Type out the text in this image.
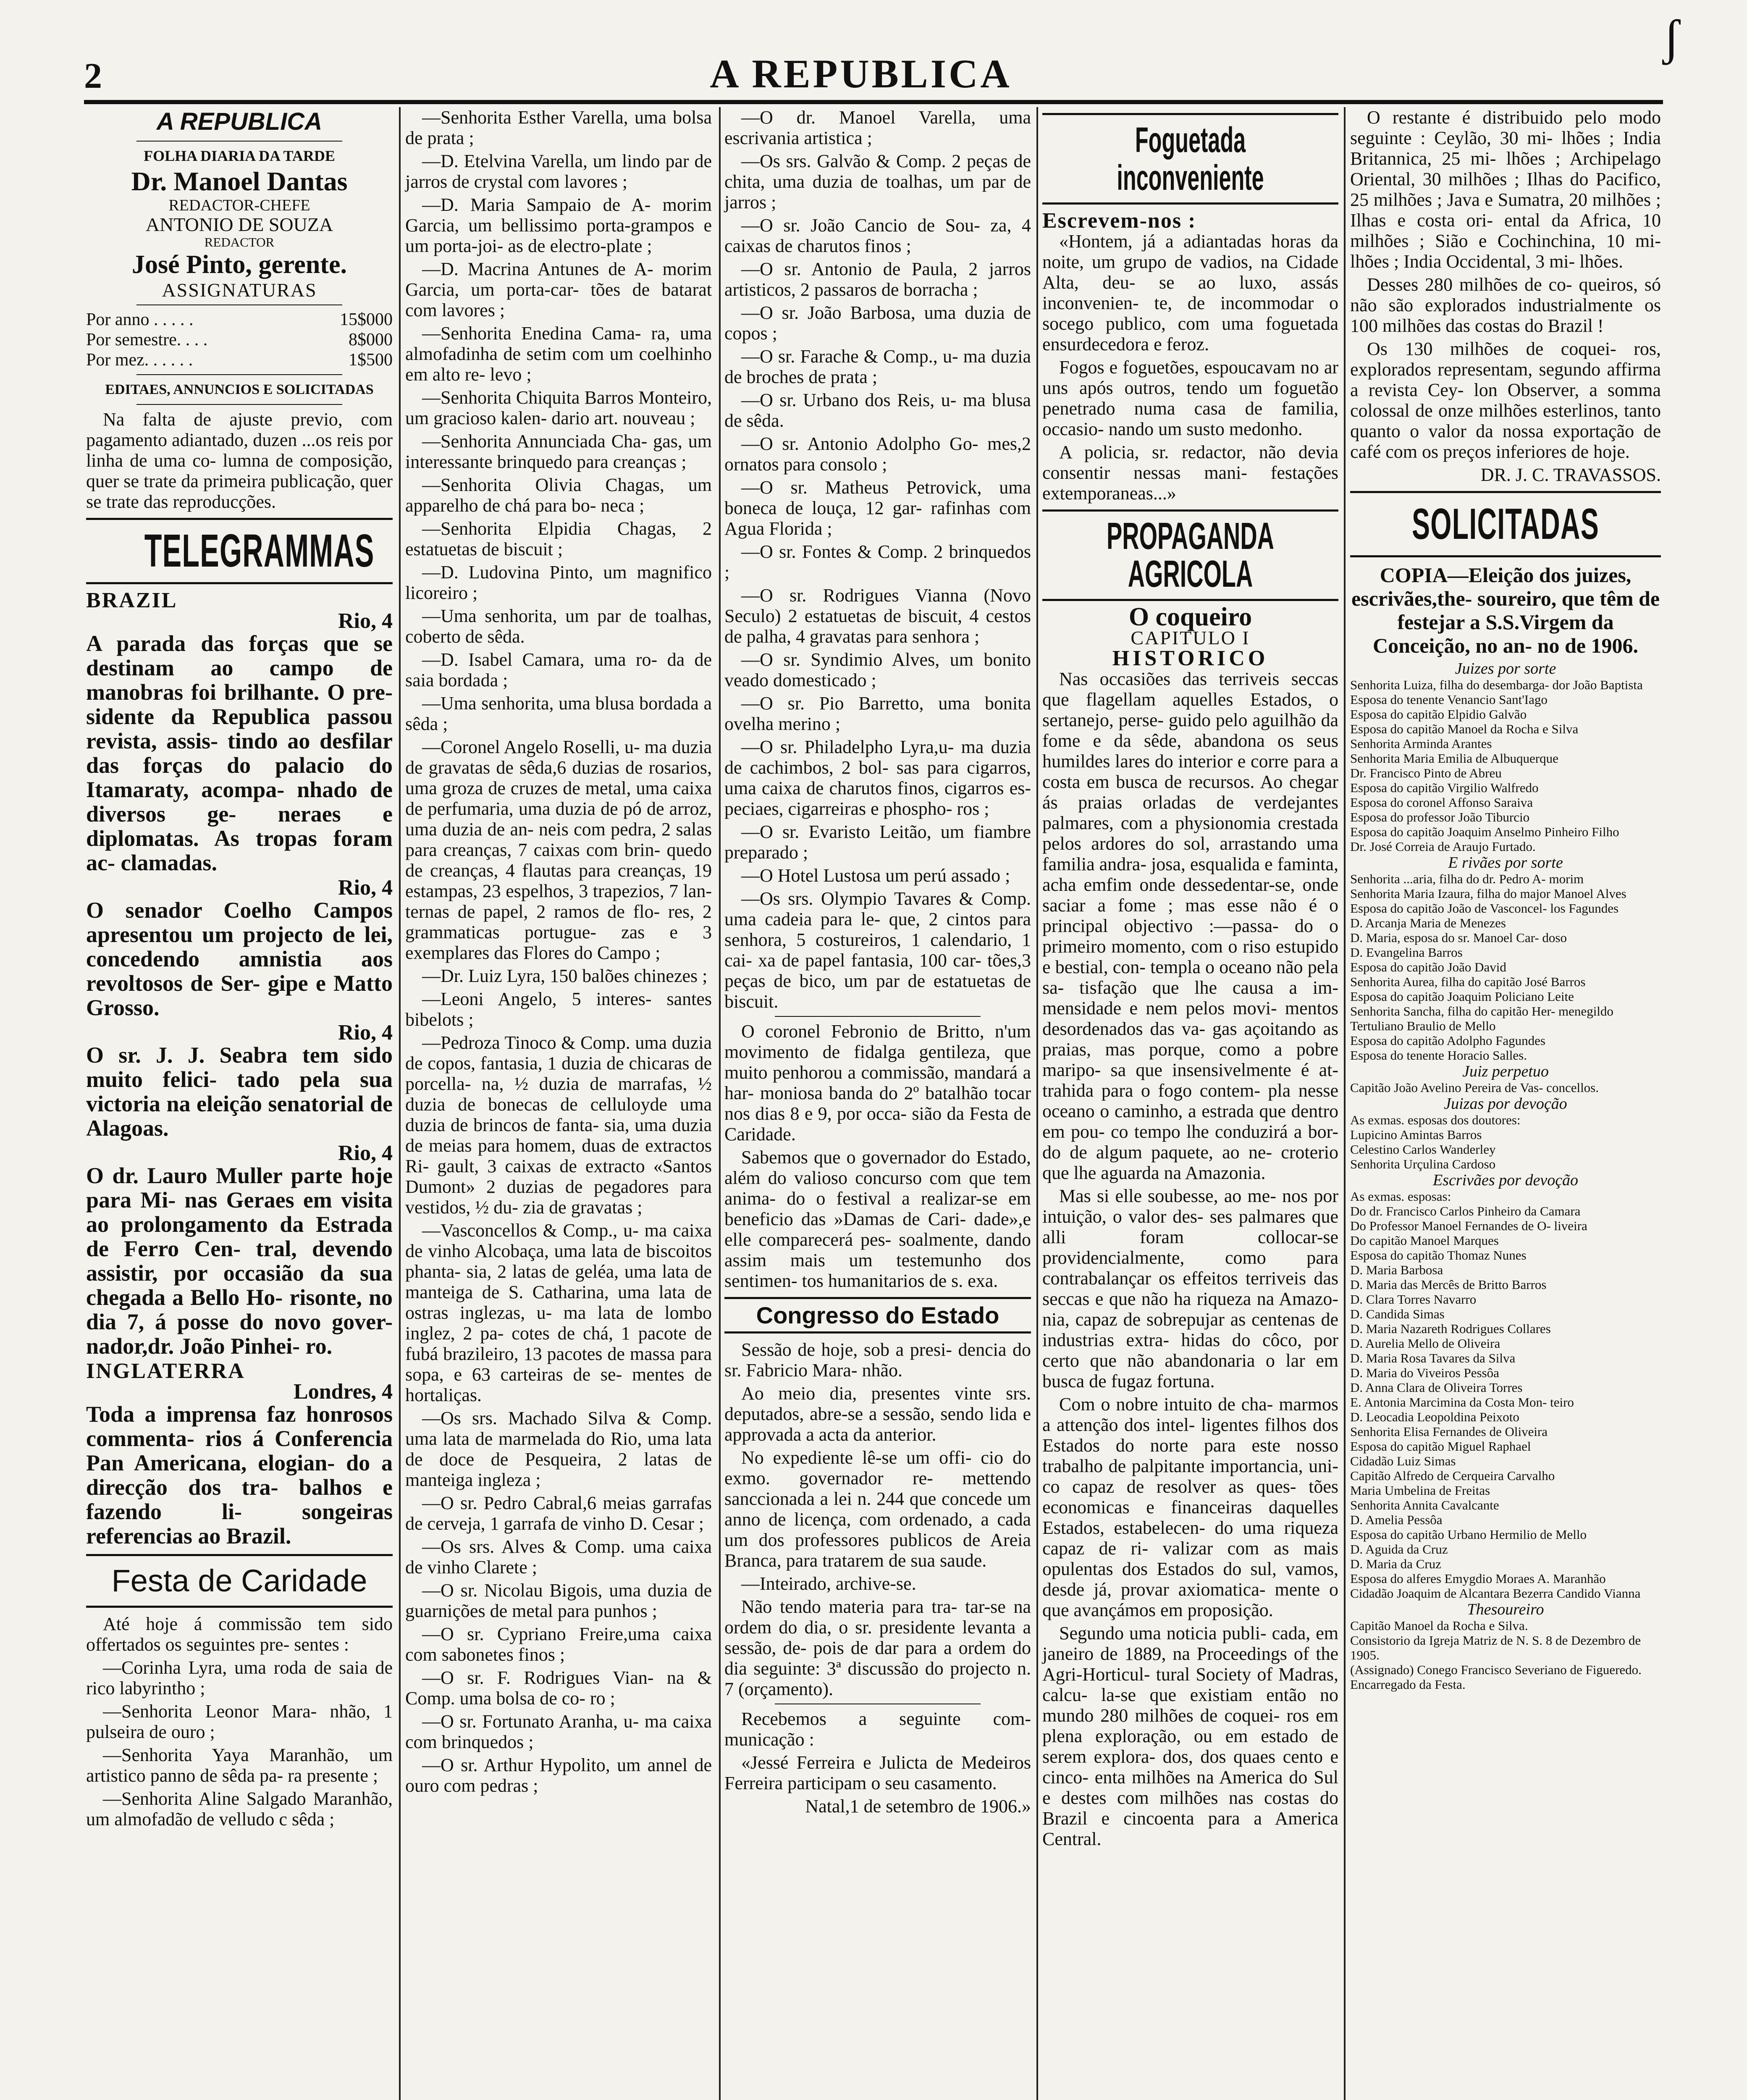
ʃ
2	A REPUBLICA
A REPUBLICA
FOLHA DIARIA DA TARDE
Dr. Manoel Dantas
REDACTOR-CHEFE
ANTONIO DE SOUZA
REDACTOR
José Pinto, gerente.
ASSIGNATURAS
Por anno . . . . .	15$000
Por semestre. . . .	8$000
Por mez. . . . . .	1$500
EDITAES, ANNUNCIOS E SOLICITADAS

Na falta de ajuste previo, com pagamento adiantado, duzen ...os reis por linha de uma co- lumna de composição, quer se trate da primeira publicação, quer se trate das reproducções.

TELEGRAMMAS
BRAZIL
Rio, 4

A parada das forças que se destinam ao campo de manobras foi brilhante. O pre- sidente da Republica passou revista, assis- tindo ao desfilar das forças do palacio do Itamaraty, acompa- nhado de diversos ge- neraes e diplomatas. As tropas foram ac- clamadas.

Rio, 4

O senador Coelho Campos apresentou um projecto de lei, concedendo amnistia aos revoltosos de Ser- gipe e Matto Grosso.

Rio, 4

O sr. J. J. Seabra tem sido muito felici- tado pela sua victoria na eleição senatorial de Alagoas.

Rio, 4

O dr. Lauro Muller parte hoje para Mi- nas Geraes em visita ao prolongamento da Estrada de Ferro Cen- tral, devendo assistir, por occasião da sua chegada a Bello Ho- risonte, no dia 7, á posse do novo gover- nador,dr. João Pinhei- ro.

INGLATERRA
Londres, 4

Toda a imprensa faz honrosos commenta- rios á Conferencia Pan Americana, elogian- do a direcção dos tra- balhos e fazendo li- songeiras referencias ao Brazil.

Festa de Caridade

Até hoje á commissão tem sido offertados os seguintes pre- sentes :

—Corinha Lyra, uma roda de saia de rico labyrintho ;

—Senhorita Leonor Mara- nhão, 1 pulseira de ouro ;

—Senhorita Yaya Maranhão, um artistico panno de sêda pa- ra presente ;

—Senhorita Aline Salgado Maranhão, um almofadão de velludo c sêda ;

—Senhorita Esther Varella, uma bolsa de prata ;

—D. Etelvina Varella, um lindo par de jarros de crystal com lavores ;

—D. Maria Sampaio de A- morim Garcia, um bellissimo porta-grampos e um porta-joi- as de electro-plate ;

—D. Macrina Antunes de A- morim Garcia, um porta-car- tões de batarat com lavores ;

—Senhorita Enedina Cama- ra, uma almofadinha de setim com um coelhinho em alto re- levo ;

—Senhorita Chiquita Barros Monteiro, um gracioso kalen- dario art. nouveau ;

—Senhorita Annunciada Cha- gas, um interessante brinquedo para creanças ;

—Senhorita Olivia Chagas, um apparelho de chá para bo- neca ;

—Senhorita Elpidia Chagas, 2 estatuetas de biscuit ;

—D. Ludovina Pinto, um magnifico licoreiro ;

—Uma senhorita, um par de toalhas, coberto de sêda.

—D. Isabel Camara, uma ro- da de saia bordada ;

—Uma senhorita, uma blusa bordada a sêda ;

—Coronel Angelo Roselli, u- ma duzia de gravatas de sêda,6 duzias de rosarios, uma groza de cruzes de metal, uma caixa de perfumaria, uma duzia de pó de arroz, uma duzia de an- neis com pedra, 2 salas para creanças, 7 caixas com brin- quedo de creanças, 4 flautas para creanças, 19 estampas, 23 espelhos, 3 trapezios, 7 lan- ternas de papel, 2 ramos de flo- res, 2 grammaticas portugue- zas e 3 exemplares das Flores do Campo ;

—Dr. Luiz Lyra, 150 balões chinezes ;

—Leoni Angelo, 5 interes- santes bibelots ;

—Pedroza Tinoco & Comp. uma duzia de copos, fantasia, 1 duzia de chicaras de porcella- na, ½ duzia de marrafas, ½ duzia de bonecas de celluloyde uma duzia de brincos de fanta- sia, uma duzia de meias para homem, duas de extractos Ri- gault, 3 caixas de extracto «Santos Dumont» 2 duzias de pegadores para vestidos, ½ du- zia de gravatas ;

—Vasconcellos & Comp., u- ma caixa de vinho Alcobaça, uma lata de biscoitos phanta- sia, 2 latas de geléa, uma lata de manteiga de S. Catharina, uma lata de ostras inglezas, u- ma lata de lombo inglez, 2 pa- cotes de chá, 1 pacote de fubá brazileiro, 13 pacotes de massa para sopa, e 63 carteiras de se- mentes de hortaliças.

—Os srs. Machado Silva & Comp. uma lata de marmelada do Rio, uma lata de doce de Pesqueira, 2 latas de manteiga ingleza ;

—O sr. Pedro Cabral,6 meias garrafas de cerveja, 1 garrafa de vinho D. Cesar ;

—Os srs. Alves & Comp. uma caixa de vinho Clarete ;

—O sr. Nicolau Bigois, uma duzia de guarnições de metal para punhos ;

—O sr. Cypriano Freire,uma caixa com sabonetes finos ;

—O sr. F. Rodrigues Vian- na & Comp. uma bolsa de co- ro ;

—O sr. Fortunato Aranha, u- ma caixa com brinquedos ;

—O sr. Arthur Hypolito, um annel de ouro com pedras ;

—O dr. Manoel Varella, uma escrivania artistica ;

—Os srs. Galvão & Comp. 2 peças de chita, uma duzia de toalhas, um par de jarros ;

—O sr. João Cancio de Sou- za, 4 caixas de charutos finos ;

—O sr. Antonio de Paula, 2 jarros artisticos, 2 passaros de borracha ;

—O sr. João Barbosa, uma duzia de copos ;

—O sr. Farache & Comp., u- ma duzia de broches de prata ;

—O sr. Urbano dos Reis, u- ma blusa de sêda.

—O sr. Antonio Adolpho Go- mes,2 ornatos para consolo ;

—O sr. Matheus Petrovick, uma boneca de louça, 12 gar- rafinhas com Agua Florida ;

—O sr. Fontes & Comp. 2 brinquedos ;

—O sr. Rodrigues Vianna (Novo Seculo) 2 estatuetas de biscuit, 4 cestos de palha, 4 gravatas para senhora ;

—O sr. Syndimio Alves, um bonito veado domesticado ;

—O sr. Pio Barretto, uma bonita ovelha merino ;

—O sr. Philadelpho Lyra,u- ma duzia de cachimbos, 2 bol- sas para cigarros, uma caixa de charutos finos, cigarros es- peciaes, cigarreiras e phospho- ros ;

—O sr. Evaristo Leitão, um fiambre preparado ;

—O Hotel Lustosa um perú assado ;

—Os srs. Olympio Tavares & Comp. uma cadeia para le- que, 2 cintos para senhora, 5 costureiros, 1 calendario, 1 cai- xa de papel fantasia, 100 car- tões,3 peças de bico, um par de estatuetas de biscuit.

O coronel Febronio de Britto, n'um movimento de fidalga gentileza, que muito penhorou a commissão, mandará a har- moniosa banda do 2º batalhão tocar nos dias 8 e 9, por occa- sião da Festa de Caridade.

Sabemos que o governador do Estado, além do valioso concurso com que tem anima- do o festival a realizar-se em beneficio das »Damas de Cari- dade»,e elle comparecerá pes- soalmente, dando assim mais um testemunho dos sentimen- tos humanitarios de s. exa.

Congresso do Estado

Sessão de hoje, sob a presi- dencia do sr. Fabricio Mara- nhão.

Ao meio dia, presentes vinte srs. deputados, abre-se a sessão, sendo lida e approvada a acta da anterior.

No expediente lê-se um offi- cio do exmo. governador re- mettendo sanccionada a lei n. 244 que concede um anno de licença, com ordenado, a cada um dos professores publicos de Areia Branca, para tratarem de sua saude.

—Inteirado, archive-se.

Não tendo materia para tra- tar-se na ordem do dia, o sr. presidente levanta a sessão, de- pois de dar para a ordem do dia seguinte: 3ª discussão do projecto n. 7 (orçamento).

Recebemos a seguinte com- municação :

«Jessé Ferreira e Julicta de Medeiros Ferreira participam o seu casamento.

Natal,1 de setembro de 1906.»

Foguetada inconveniente
Escrevem-nos :

«Hontem, já a adiantadas horas da noite, um grupo de vadios, na Cidade Alta, deu- se ao luxo, assás inconvenien- te, de incommodar o socego publico, com uma foguetada ensurdecedora e feroz.

Fogos e foguetões, espoucavam no ar uns após outros, tendo um foguetão penetrado numa casa de familia, occasio- nando um susto medonho.

A policia, sr. redactor, não devia consentir nessas mani- festações extemporaneas...»

PROPAGANDA AGRICOLA
O coqueiro
CAPITULO I
HISTORICO

Nas occasiões das terriveis seccas que flagellam aquelles Estados, o sertanejo, perse- guido pelo aguilhão da fome e da sêde, abandona os seus humildes lares do interior e corre para a costa em busca de recursos. Ao chegar ás praias orladas de verdejantes palmares, com a physionomia crestada pelos ardores do sol, arrastando uma familia andra- josa, esqualida e faminta, acha emfim onde dessedentar-se, onde saciar a fome ; mas esse não é o principal objectivo :—passa- do o primeiro momento, com o riso estupido e bestial, con- templa o oceano não pela sa- tisfação que lhe causa a im- mensidade e nem pelos movi- mentos desordenados das va- gas açoitando as praias, mas porque, como a pobre maripo- sa que insensivelmente é at- trahida para o fogo contem- pla nesse oceano o caminho, a estrada que dentro em pou- co tempo lhe conduzirá a bor- do de algum paquete, ao ne- croterio que lhe aguarda na Amazonia.

Mas si elle soubesse, ao me- nos por intuição, o valor des- ses palmares que alli foram collocar-se providencialmente, como para contrabalançar os effeitos terriveis das seccas e que não ha riqueza na Amazo- nia, capaz de sobrepujar as centenas de industrias extra- hidas do côco, por certo que não abandonaria o lar em busca de fugaz fortuna.

Com o nobre intuito de cha- marmos a attenção dos intel- ligentes filhos dos Estados do norte para este nosso trabalho de palpitante importancia, uni- co capaz de resolver as ques- tões economicas e financeiras daquelles Estados, estabelecen- do uma riqueza capaz de ri- valizar com as mais opulentas dos Estados do sul, vamos, desde já, provar axiomatica- mente o que avançámos em proposição.

Segundo uma noticia publi- cada, em janeiro de 1889, na Proceedings of the Agri-Horticul- tural Society of Madras, calcu- la-se que existiam então no mundo 280 milhões de coquei- ros em plena exploração, ou em estado de serem explora- dos, dos quaes cento e cinco- enta milhões na America do Sul e destes com milhões nas costas do Brazil e cincoenta para a America Central.

O restante é distribuido pelo modo seguinte : Ceylão, 30 mi- lhões ; India Britannica, 25 mi- lhões ; Archipelago Oriental, 30 milhões ; Ilhas do Pacifico, 25 milhões ; Java e Sumatra, 20 milhões ; Ilhas e costa ori- ental da Africa, 10 milhões ; Sião e Cochinchina, 10 mi- lhões ; India Occidental, 3 mi- lhões.

Desses 280 milhões de co- queiros, só não são explorados industrialmente os 100 milhões das costas do Brazil !

Os 130 milhões de coquei- ros, explorados representam, segundo affirma a revista Cey- lon Observer, a somma colossal de onze milhões esterlinos, tanto quanto o valor da nossa exportação de café com os preços inferiores de hoje.

DR. J. C. TRAVASSOS.

SOLICITADAS

COPIA—Eleição dos juizes, escrivães,the- soureiro, que têm de festejar a S.S.Virgem da Conceição, no an- no de 1906.

Juizes por sorte

Senhorita Luiza, filha do desembarga- dor João Baptista

Esposa do tenente Venancio Sant'Iago

Esposa do capitão Elpidio Galvão

Esposa do capitão Manoel da Rocha e Silva

Senhorita Arminda Arantes

Senhorita Maria Emilia de Albuquerque

Dr. Francisco Pinto de Abreu

Esposa do capitão Virgilio Walfredo

Esposa do coronel Affonso Saraiva

Esposa do professor João Tiburcio

Esposa do capitão Joaquim Anselmo Pinheiro Filho

Dr. José Correia de Araujo Furtado.

E rivães por sorte

Senhorita ...aria, filha do dr. Pedro A- morim

Senhorita Maria Izaura, filha do major Manoel Alves

Esposa do capitão João de Vasconcel- los Fagundes

D. Arcanja Maria de Menezes

D. Maria, esposa do sr. Manoel Car- doso

D. Evangelina Barros

Esposa do capitão João David

Senhorita Aurea, filha do capitão José Barros

Esposa do capitão Joaquim Policiano Leite

Senhorita Sancha, filha do capitão Her- menegildo

Tertuliano Braulio de Mello

Esposa do capitão Adolpho Fagundes

Esposa do tenente Horacio Salles.

Juiz perpetuo

Capitão João Avelino Pereira de Vas- concellos.

Juizas por devoção

As exmas. esposas dos doutores:

Lupicino Amintas Barros

Celestino Carlos Wanderley

Senhorita Urçulina Cardoso

Escrivães por devoção

As exmas. esposas:

Do dr. Francisco Carlos Pinheiro da Camara

Do Professor Manoel Fernandes de O- liveira

Do capitão Manoel Marques

Esposa do capitão Thomaz Nunes

D. Maria Barbosa

D. Maria das Mercês de Britto Barros

D. Clara Torres Navarro

D. Candida Simas

D. Maria Nazareth Rodrigues Collares

D. Aurelia Mello de Oliveira

D. Maria Rosa Tavares da Silva

D. Maria do Viveiros Pessôa

D. Anna Clara de Oliveira Torres

E. Antonia Marcimina da Costa Mon- teiro

D. Leocadia Leopoldina Peixoto

Senhorita Elisa Fernandes de Oliveira

Esposa do capitão Miguel Raphael

Cidadão Luiz Simas

Capitão Alfredo de Cerqueira Carvalho

Maria Umbelina de Freitas

Senhorita Annita Cavalcante

D. Amelia Pessôa

Esposa do capitão Urbano Hermilio de Mello

D. Aguida da Cruz

D. Maria da Cruz

Esposa do alferes Emygdio Moraes A. Maranhão

Cidadão Joaquim de Alcantara Bezerra Candido Vianna

Thesoureiro

Capitão Manoel da Rocha e Silva.

Consistorio da Igreja Matriz de N. S. 8 de Dezembro de 1905.

(Assignado) Conego Francisco Severiano de Figueredo.

Encarregado da Festa.
